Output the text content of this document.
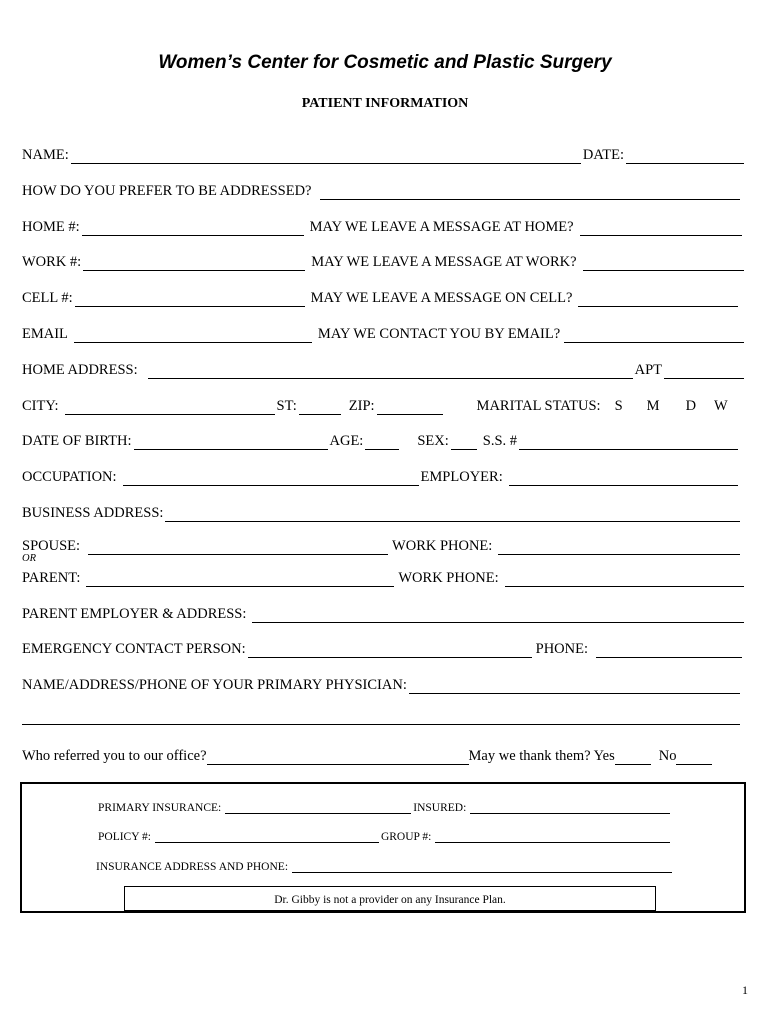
Women’s Center for Cosmetic and Plastic Surgery
PATIENT INFORMATION
NAME:	DATE:
HOW DO YOU PREFER TO BE ADDRESSED?
HOME #:	MAY WE LEAVE A MESSAGE AT HOME?
WORK #:	MAY WE LEAVE A MESSAGE AT WORK?
CELL #:	MAY WE LEAVE A MESSAGE ON CELL?
EMAIL	MAY WE CONTACT YOU BY EMAIL?
HOME ADDRESS:	APT
CITY:	ST:	ZIP:	MARITAL STATUS: S M D W
DATE OF BIRTH:	AGE:	SEX: S.S. #
OCCUPATION:	EMPLOYER:
BUSINESS ADDRESS:
SPOUSE:	WORK PHONE:
OR
PARENT:	WORK PHONE:
PARENT EMPLOYER & ADDRESS:
EMERGENCY CONTACT PERSON:	PHONE:
NAME/ADDRESS/PHONE OF YOUR PRIMARY PHYSICIAN:
Who referred you to our office?	May we thank them? Yes	No
PRIMARY INSURANCE:	INSURED:
POLICY #:	GROUP #:
INSURANCE ADDRESS AND PHONE:
Dr. Gibby is not a provider on any Insurance Plan.
1
